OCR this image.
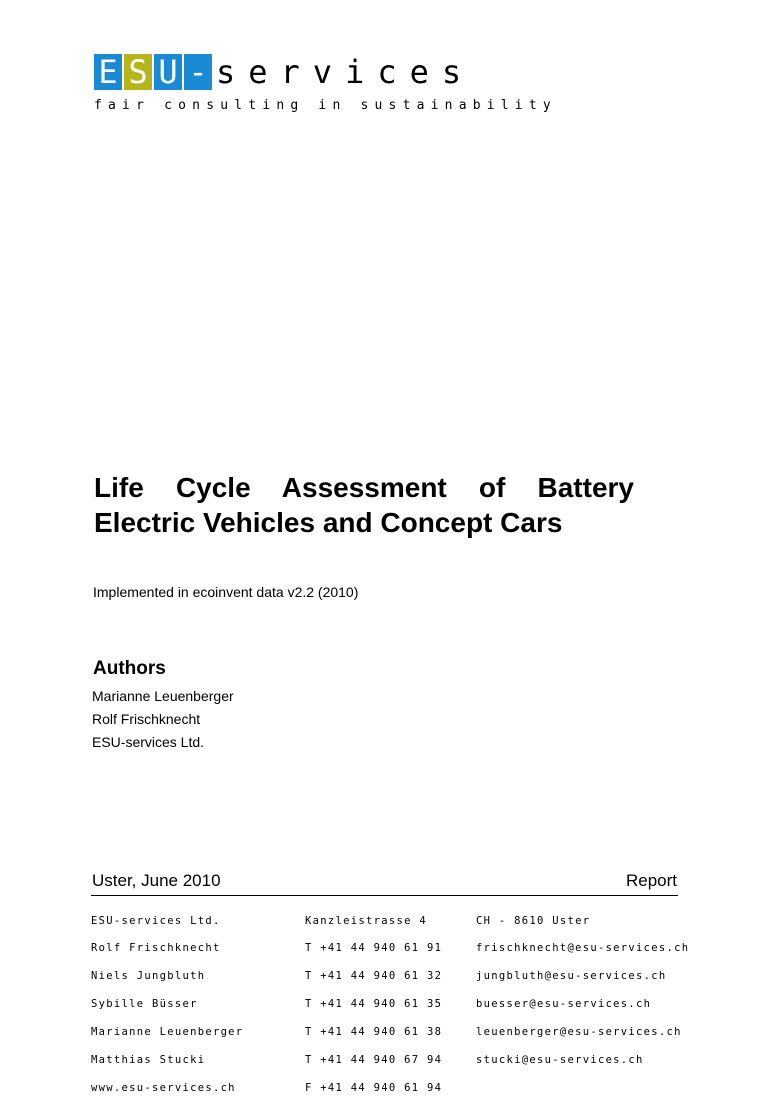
E S U - services
fair consulting in sustainability
Life Cycle Assessment of Battery
Electric Vehicles and Concept Cars
Implemented in ecoinvent data v2.2 (2010)
Authors
Marianne Leuenberger
Rolf Frischknecht
ESU-services Ltd.
Uster, June 2010	Report

ESU-services Ltd.

Rolf Frischknecht

Niels Jungbluth

Sybille Büsser

Marianne Leuenberger

Matthias Stucki

www.esu-services.ch

Kanzleistrasse 4

T +41 44 940 61 91

T +41 44 940 61 32

T +41 44 940 61 35

T +41 44 940 61 38

T +41 44 940 67 94

F +41 44 940 61 94

CH - 8610 Uster

frischknecht@esu-services.ch

jungbluth@esu-services.ch

buesser@esu-services.ch

leuenberger@esu-services.ch

stucki@esu-services.ch
